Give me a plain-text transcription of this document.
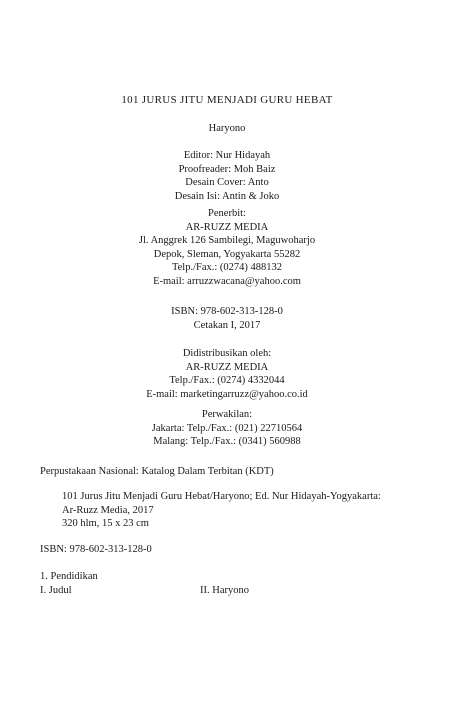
101 JURUS JITU MENJADI GURU HEBAT
Haryono
Editor: Nur Hidayah
Proofreader: Moh Baiz
Desain Cover: Anto
Desain Isi: Antin & Joko
Penerbit:
AR-RUZZ MEDIA
Jl. Anggrek 126 Sambilegi, Maguwoharjo
Depok, Sleman, Yogyakarta 55282
Telp./Fax.: (0274) 488132
E-mail: arruzzwacana@yahoo.com
ISBN: 978-602-313-128-0
Cetakan I, 2017
Didistribusikan oleh:
AR-RUZZ MEDIA
Telp./Fax.: (0274) 4332044
E-mail: marketingarruzz@yahoo.co.id
Perwakilan:
Jakarta: Telp./Fax.: (021) 22710564
Malang: Telp./Fax.: (0341) 560988
Perpustakaan Nasional: Katalog Dalam Terbitan (KDT)
101 Jurus Jitu Menjadi Guru Hebat/Haryono; Ed. Nur Hidayah-Yogyakarta:
Ar-Ruzz Media, 2017
320 hlm, 15 x 23 cm
ISBN: 978-602-313-128-0
1. Pendidikan
I. Judul	II. Haryono
